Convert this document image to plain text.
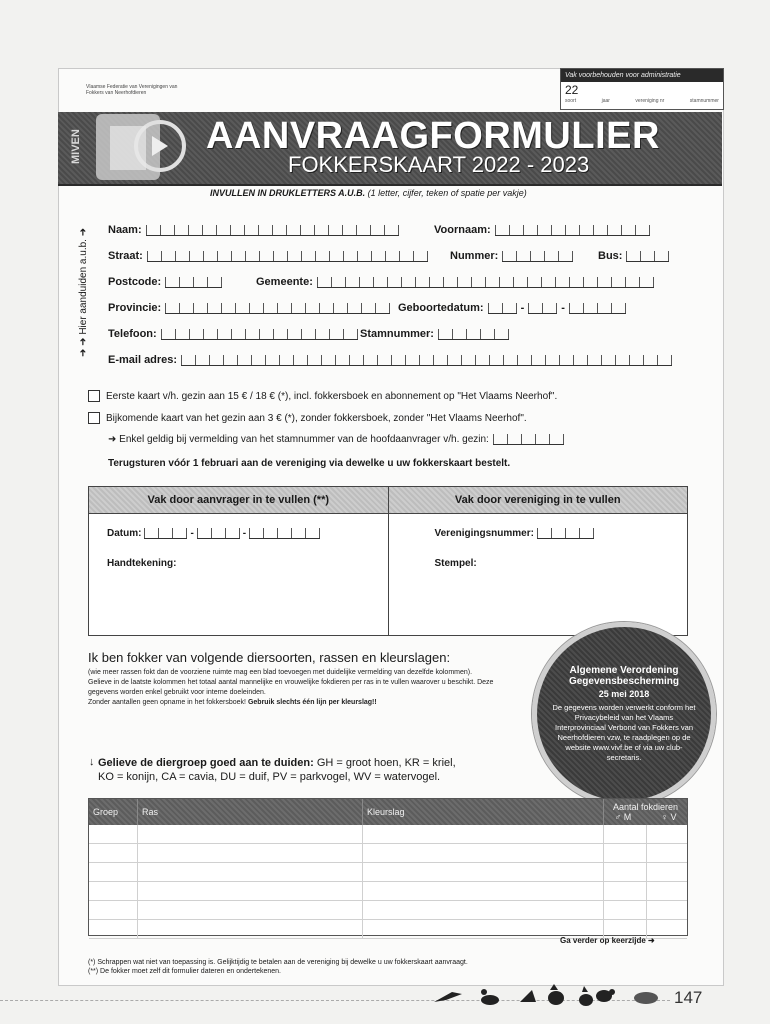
Vak voorbehouden voor administratie
22
soort	jaar	vereniging nr	stamnummer
Vlaamse Federatie van Verenigingen van Fokkers van Neerhofdieren
MIVEN	AANVRAAGFORMULIER
FOKKERSKAART 2022 - 2023
INVULLEN IN DRUKLETTERS A.U.B. (1 letter, cijfer, teken of spatie per vakje)
➜ ➜ Hier aanduiden a.u.b. ➜ Naam:	Voornaam:
Straat:	Nummer:	Bus:
Postcode:	Gemeente:
Provincie:	Geboortedatum:	-	-
Telefoon:	Stamnummer:
E-mail adres:
Eerste kaart v/h. gezin aan 15 € / 18 € (*), incl. fokkersboek en abonnement op "Het Vlaams Neerhof".
Bijkomende kaart van het gezin aan 3 € (*), zonder fokkersboek, zonder "Het Vlaams Neerhof".
➜ Enkel geldig bij vermelding van het stamnummer van de hoofdaanvrager v/h. gezin:
Terugsturen vóór 1 februari aan de vereniging via dewelke u uw fokkerskaart bestelt.
Vak door aanvrager in te vullen (**)	Vak door vereniging in te vullen
Datum:	-	-
Handtekening:
Verenigingsnummer:
Stempel:
Ik ben fokker van volgende diersoorten, rassen en kleurslagen:
(wie meer rassen fokt dan de voorziene ruimte mag een blad toevoegen met duidelijke vermelding van dezelfde kolommen).
Gelieve in de laatste kolommen het totaal aantal mannelijke en vrouwelijke fokdieren per ras in te vullen waarover u beschikt. Deze gegevens worden enkel gebruikt voor interne doeleinden.
Zonder aantallen geen opname in het fokkersboek! Gebruik slechts één lijn per kleurslag!!
↓ Gelieve de diergroep goed aan te duiden: GH = groot hoen, KR = kriel,
KO = konijn, CA = cavia, DU = duif, PV = parkvogel, WV = watervogel.
Algemene Verordening Gegevensbescherming
25 mei 2018
De gegevens worden verwerkt conform het Privacybeleid van het Vlaams Interprovinciaal Verbond van Fokkers van Neerhofdieren vzw, te raadplegen op de website www.vivf.be of via uw club-secretaris.
Groep	Ras	Kleurslag	Aantal fokdieren
♂ M	♀ V
Ga verder op keerzijde ➜
(*) Schrappen wat niet van toepassing is. Gelijktijdig te betalen aan de vereniging bij dewelke u uw fokkerskaart aanvraagt.
(**) De fokker moet zelf dit formulier dateren en ondertekenen.
147
